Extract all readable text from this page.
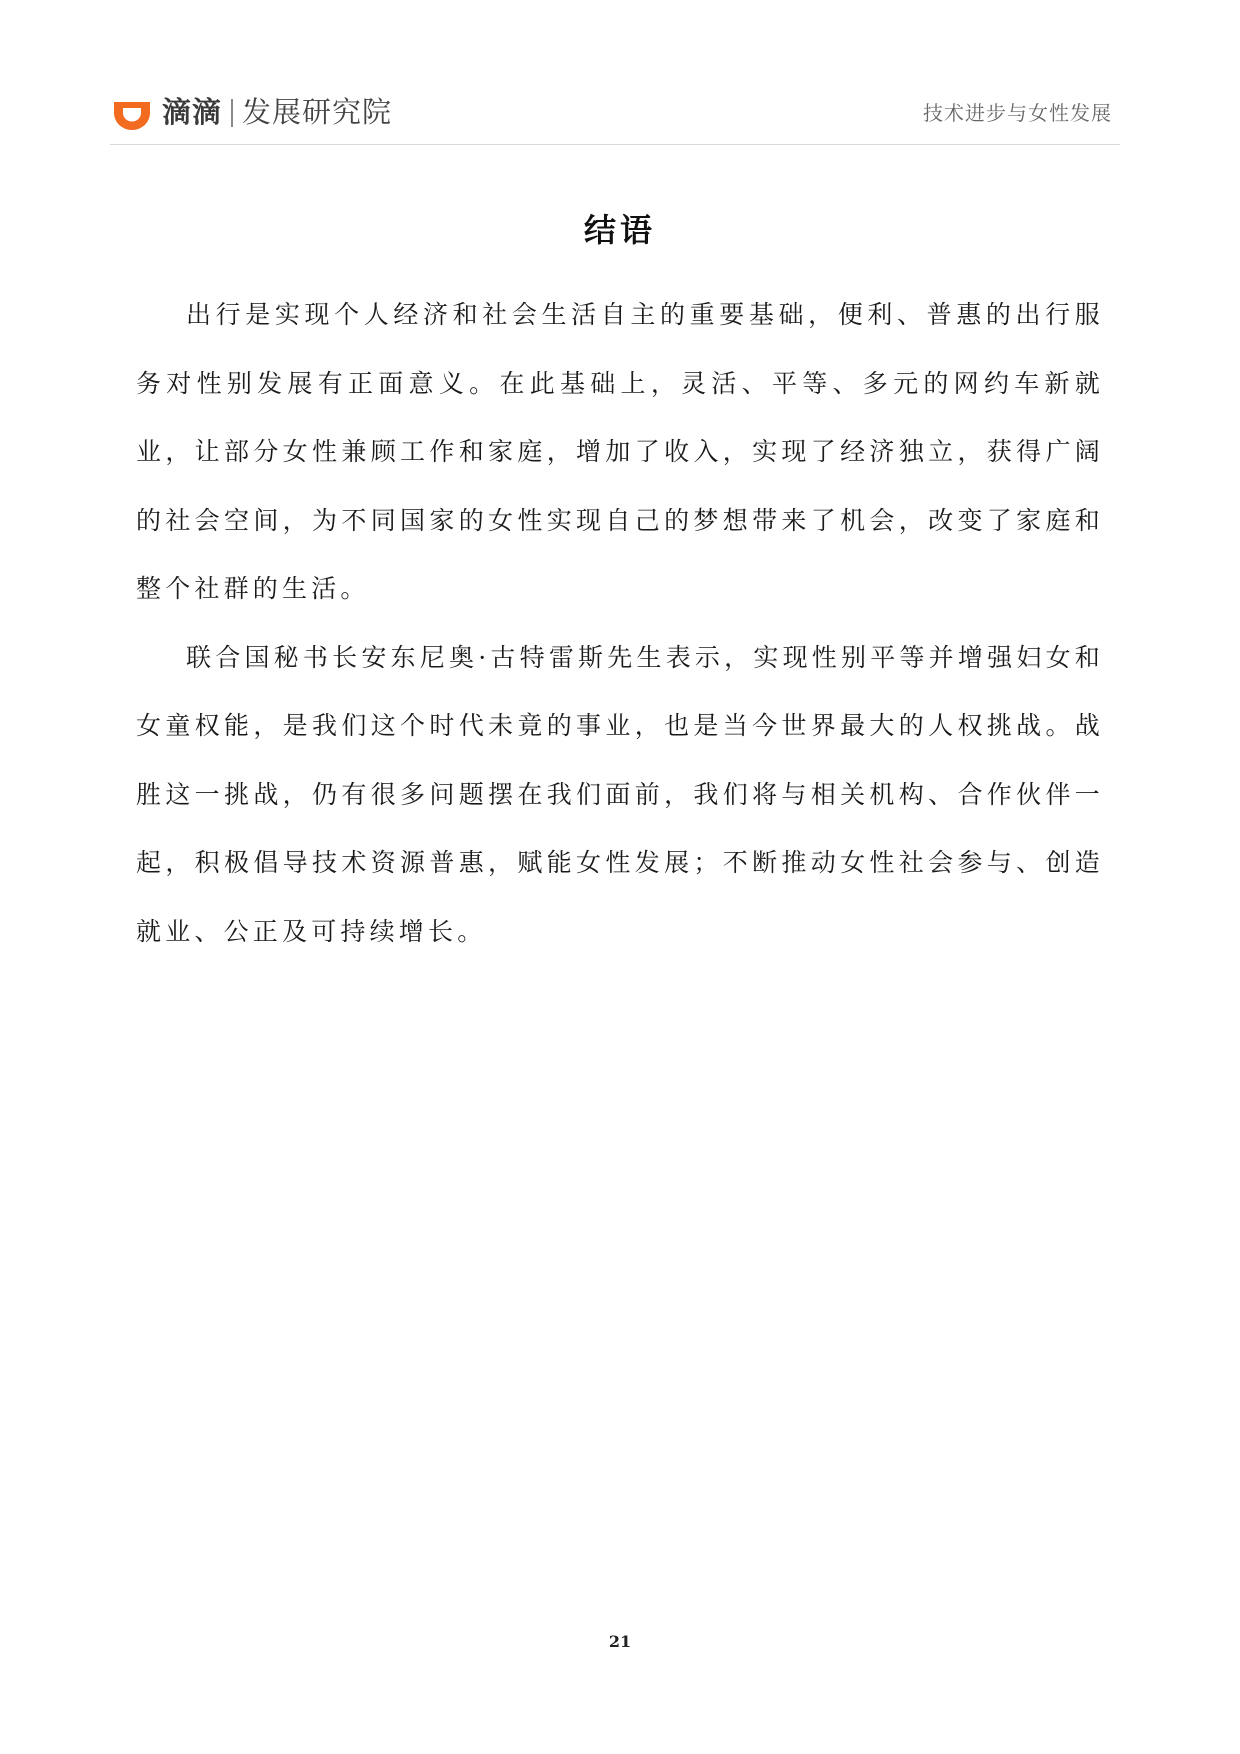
滴滴 发展研究院	技术进步与女性发展
结语

出行是实现个人经济和社会生活自主的重要基础，便利、普惠的出行服务对性别发展有正面意义。在此基础上，灵活、平等、多元的网约车新就业，让部分女性兼顾工作和家庭，增加了收入，实现了经济独立，获得广阔的社会空间，为不同国家的女性实现自己的梦想带来了机会，改变了家庭和整个社群的生活。

联合国秘书长安东尼奥·古特雷斯先生表示，实现性别平等并增强妇女和女童权能，是我们这个时代未竟的事业，也是当今世界最大的人权挑战。战胜这一挑战，仍有很多问题摆在我们面前，我们将与相关机构、合作伙伴一起，积极倡导技术资源普惠，赋能女性发展；不断推动女性社会参与、创造就业、公正及可持续增长。

21
